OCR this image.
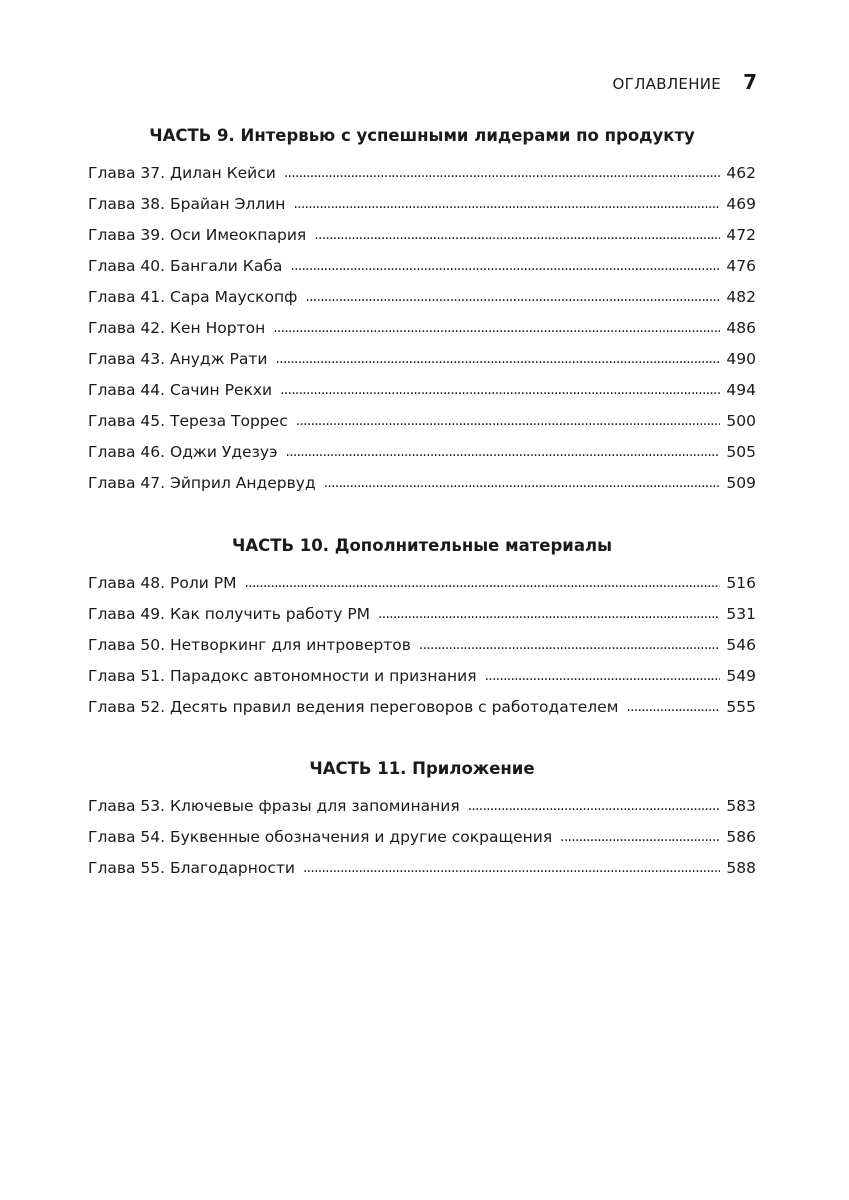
ОГЛАВЛЕНИЕ 7
ЧАСТЬ 9. Интервью с успешными лидерами по продукту
Глава 37. Дилан Кейси . . .	462
Глава 38. Брайан Эллин . . .	469
Глава 39. Оси Имеокпария . . .	472
Глава 40. Бангали Каба . . .	476
Глава 41. Сара Маускопф . . .	482
Глава 42. Кен Нортон . . .	486
Глава 43. Анудж Рати . . .	490
Глава 44. Сачин Рекхи . . .	494
Глава 45. Тереза Торрес . . .	500
Глава 46. Оджи Удезуэ . . .	505
Глава 47. Эйприл Андервуд . . .	509
ЧАСТЬ 10. Дополнительные материалы
Глава 48. Роли PM . . .	516
Глава 49. Как получить работу PM . . .	531
Глава 50. Нетворкинг для интровертов . . .	546
Глава 51. Парадокс автономности и признания . . .	549
Глава 52. Десять правил ведения переговоров с работодателем . . .	555
ЧАСТЬ 11. Приложение
Глава 53. Ключевые фразы для запоминания . . .	583
Глава 54. Буквенные обозначения и другие сокращения . . .	586
Глава 55. Благодарности . . .	588
